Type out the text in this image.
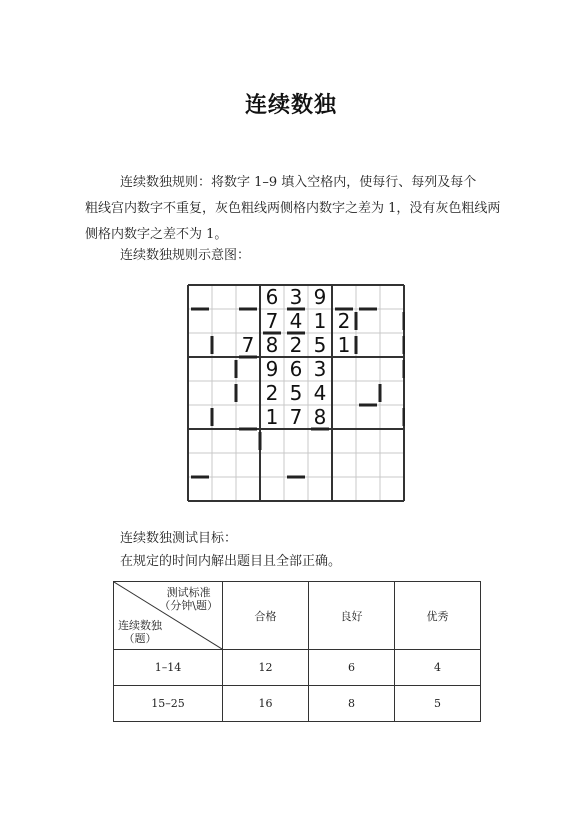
连续数独
连续数独规则：将数字 1–9 填入空格内，使每行、每列及每个
粗线宫内数字不重复，灰色粗线两侧格内数字之差为 1，没有灰色粗线两侧格内数字之差不为 1。
连续数独规则示意图：
6 3 9
7 4 1 2
7 8 2 5 1
9 6 3
2 5 4
1 7 8
连续数独测试目标：
在规定的时间内解出题目且全部正确。
测试标准
（分钟\题）
连续数独
（题）	合格	良好	优秀
1–14	12	6	4
15–25	16	8	5
